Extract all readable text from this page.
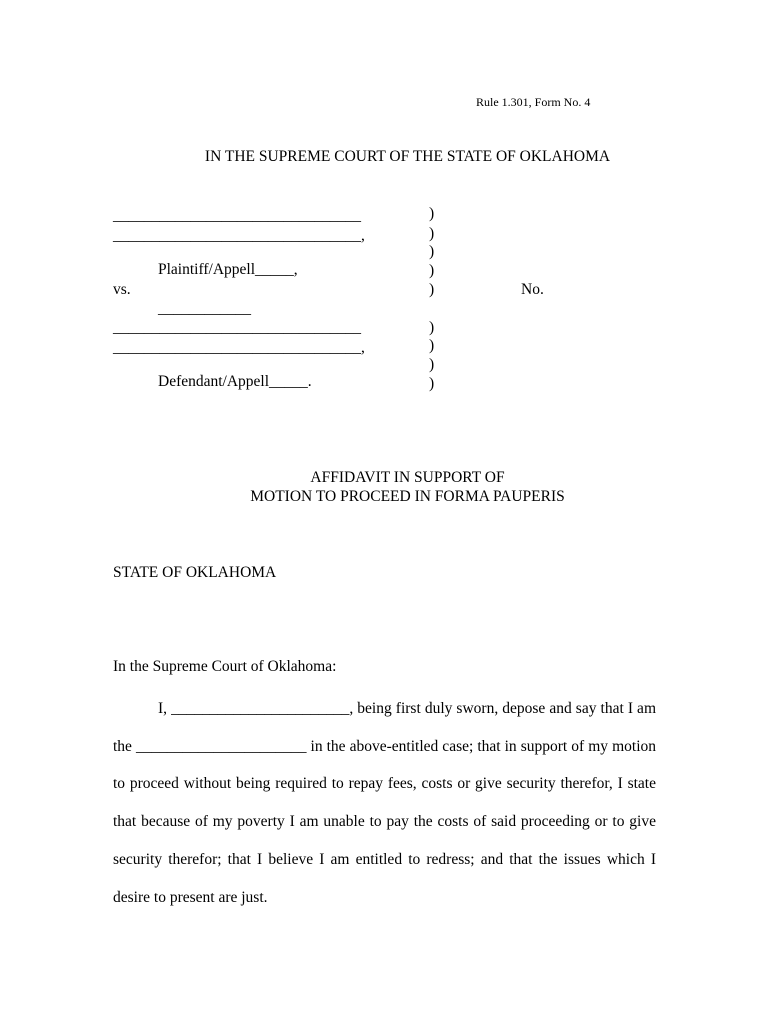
Rule 1.301, Form No. 4
IN THE SUPREME COURT OF THE STATE OF OKLAHOMA
________________________________
________________________________,
Plaintiff/Appell_____,
vs.
____________
________________________________
________________________________,
Defendant/Appell_____.
)
)
)
)
)
)
)
)
)
No.
AFFIDAVIT IN SUPPORT OF
MOTION TO PROCEED IN FORMA PAUPERIS
STATE OF OKLAHOMA
In the Supreme Court of Oklahoma:

I, _______________________, being first duly sworn, depose and say that I am the ______________________ in the above-entitled case; that in support of my motion to proceed without being required to repay fees, costs or give security therefor, I state that because of my poverty I am unable to pay the costs of said proceeding or to give security therefor; that I believe I am entitled to redress; and that the issues which I desire to present are just.
